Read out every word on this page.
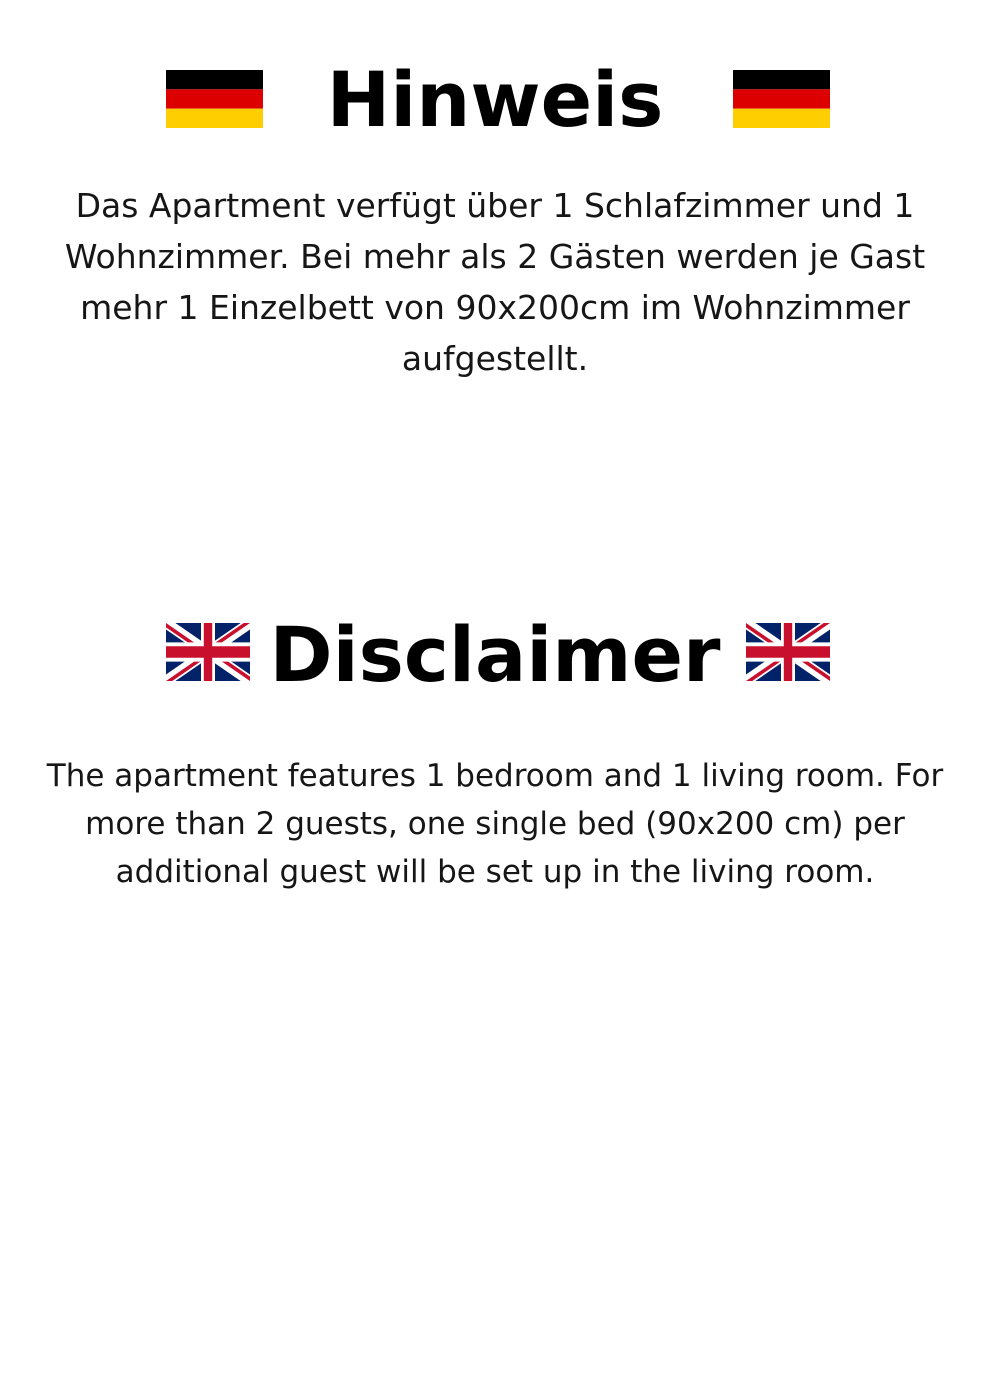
Hinweis
Das Apartment verfügt über 1 Schlafzimmer und 1 Wohnzimmer. Bei mehr als 2 Gästen werden je Gast mehr 1 Einzelbett von 90x200cm im Wohnzimmer aufgestellt.
Disclaimer
The apartment features 1 bedroom and 1 living room. For more than 2 guests, one single bed (90x200 cm) per additional guest will be set up in the living room.
